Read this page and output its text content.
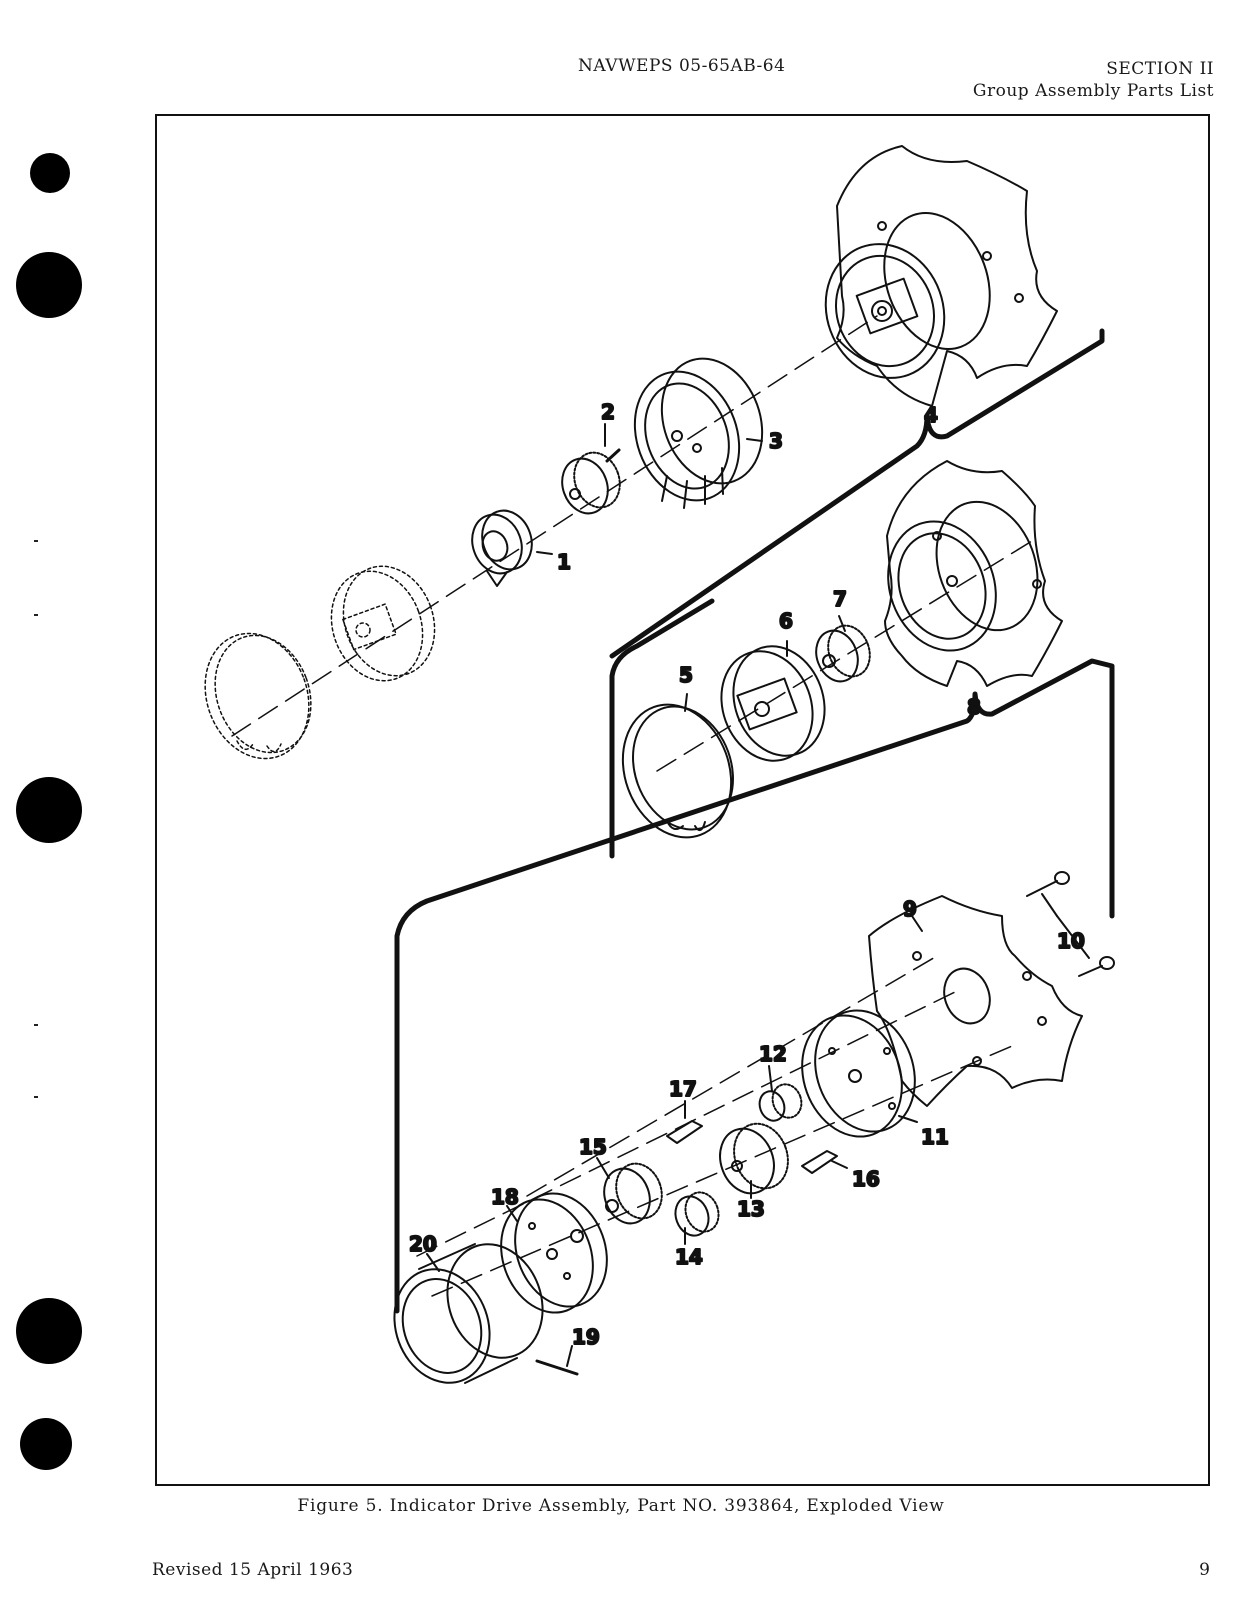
NAVWEPS 05-65AB-64	SECTION II
Group Assembly Parts List
1
2
3
4
5
6
7
8
9
10
11
12
13
14
15
16
17
18
20
19
Figure 5. Indicator Drive Assembly, Part NO. 393864, Exploded View
Revised 15 April 1963	9
